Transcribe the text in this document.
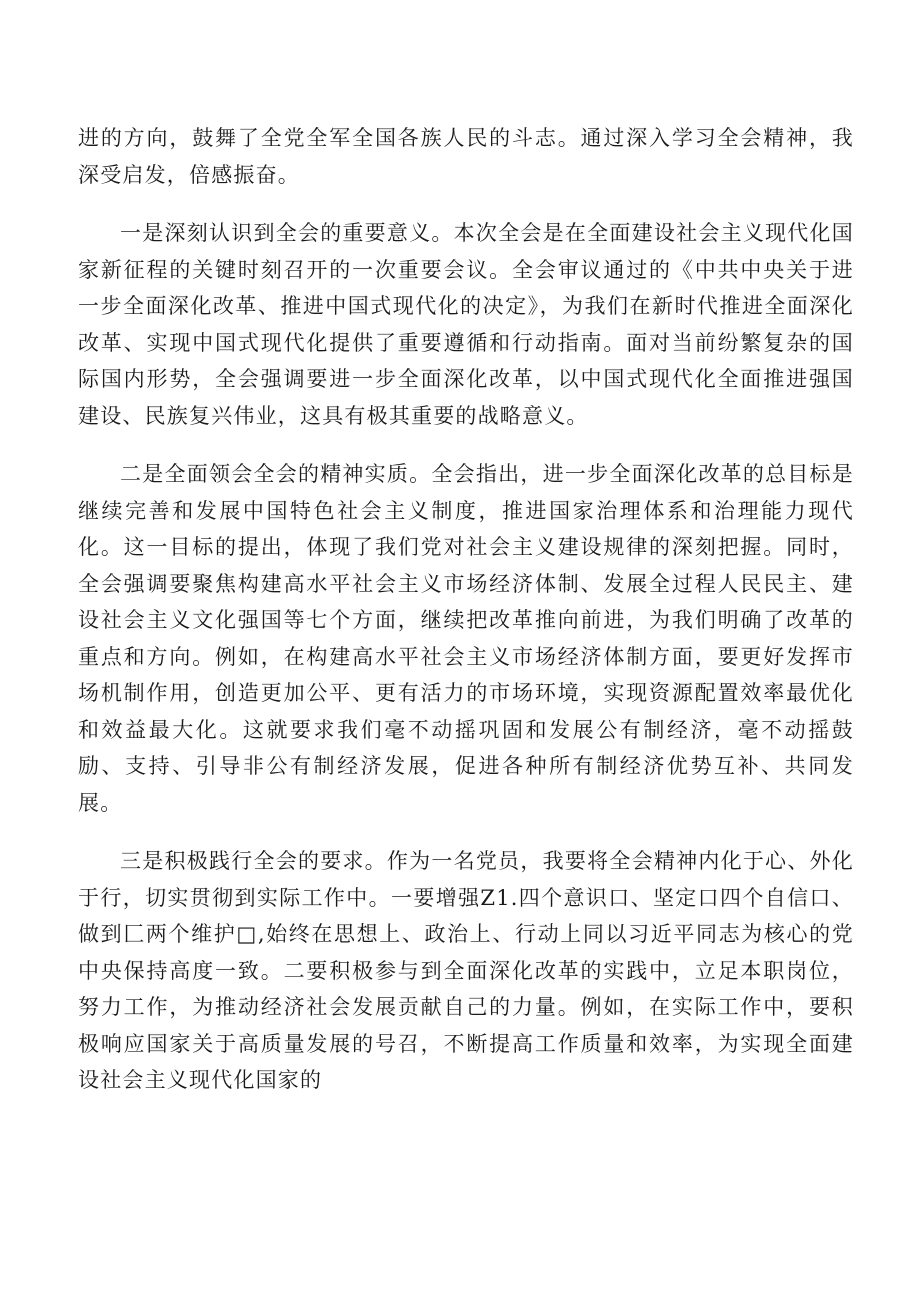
进的方向，鼓舞了全党全军全国各族人民的斗志。通过深入学习全会精神，我深受启发，倍感振奋。

一是深刻认识到全会的重要意义。本次全会是在全面建设社会主义现代化国家新征程的关键时刻召开的一次重要会议。全会审议通过的《中共中央关于进一步全面深化改革、推进中国式现代化的决定》，为我们在新时代推进全面深化改革、实现中国式现代化提供了重要遵循和行动指南。面对当前纷繁复杂的国际国内形势，全会强调要进一步全面深化改革，以中国式现代化全面推进强国建设、民族复兴伟业，这具有极其重要的战略意义。

二是全面领会全会的精神实质。全会指出，进一步全面深化改革的总目标是继续完善和发展中国特色社会主义制度，推进国家治理体系和治理能力现代化。这一目标的提出，体现了我们党对社会主义建设规律的深刻把握。同时，全会强调要聚焦构建高水平社会主义市场经济体制、发展全过程人民民主、建设社会主义文化强国等七个方面，继续把改革推向前进，为我们明确了改革的重点和方向。例如，在构建高水平社会主义市场经济体制方面，要更好发挥市场机制作用，创造更加公平、更有活力的市场环境，实现资源配置效率最优化和效益最大化。这就要求我们毫不动摇巩固和发展公有制经济，毫不动摇鼓励、支持、引导非公有制经济发展，促进各种所有制经济优势互补、共同发展。

三是积极践行全会的要求。作为一名党员，我要将全会精神内化于心、外化于行，切实贯彻到实际工作中。一要增强Z1.四个意识口、坚定口四个自信口、做到匚两个维护□,始终在思想上、政治上、行动上同以习近平同志为核心的党中央保持高度一致。二要积极参与到全面深化改革的实践中，立足本职岗位，努力工作，为推动经济社会发展贡献自己的力量。例如，在实际工作中，要积极响应国家关于高质量发展的号召，不断提高工作质量和效率，为实现全面建设社会主义现代化国家的
